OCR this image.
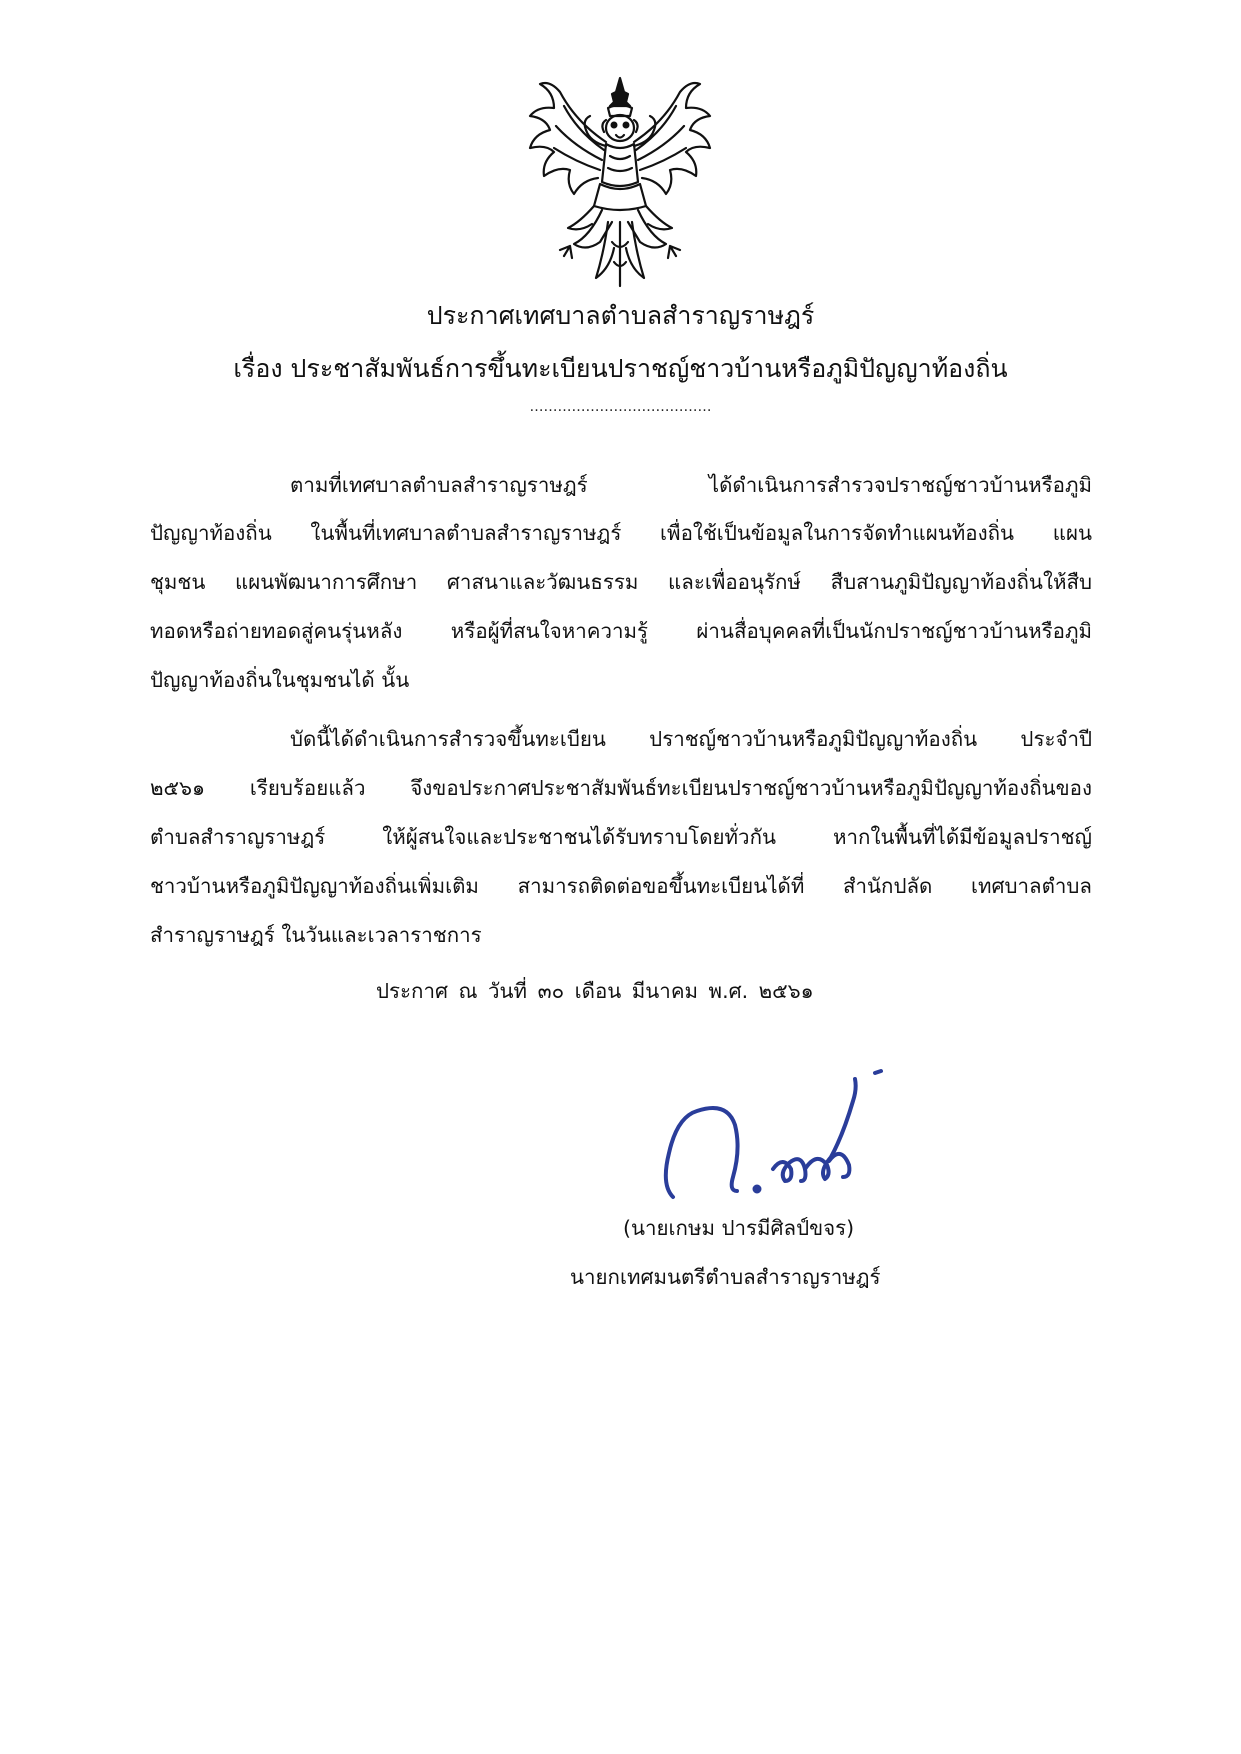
ประกาศเทศบาลตำบลสำราญราษฎร์
เรื่อง ประชาสัมพันธ์การขึ้นทะเบียนปราชญ์ชาวบ้านหรือภูมิปัญญาท้องถิ่น
…………………………………
ตามที่เทศบาลตำบลสำราญราษฎร์ ได้ดำเนินการสำรวจปราชญ์ชาวบ้านหรือภูมิ
ปัญญาท้องถิ่น ในพื้นที่เทศบาลตำบลสำราญราษฎร์ เพื่อใช้เป็นข้อมูลในการจัดทำแผนท้องถิ่น แผน
ชุมชน แผนพัฒนาการศึกษา ศาสนาและวัฒนธรรม และเพื่ออนุรักษ์ สืบสานภูมิปัญญาท้องถิ่นให้สืบ
ทอดหรือถ่ายทอดสู่คนรุ่นหลัง หรือผู้ที่สนใจหาความรู้ ผ่านสื่อบุคคลที่เป็นนักปราชญ์ชาวบ้านหรือภูมิ
ปัญญาท้องถิ่นในชุมชนได้ นั้น
บัดนี้ได้ดำเนินการสำรวจขึ้นทะเบียน ปราชญ์ชาวบ้านหรือภูมิปัญญาท้องถิ่น ประจำปี
๒๕๖๑ เรียบร้อยแล้ว จึงขอประกาศประชาสัมพันธ์ทะเบียนปราชญ์ชาวบ้านหรือภูมิปัญญาท้องถิ่นของ
ตำบลสำราญราษฎร์ ให้ผู้สนใจและประชาชนได้รับทราบโดยทั่วกัน หากในพื้นที่ได้มีข้อมูลปราชญ์
ชาวบ้านหรือภูมิปัญญาท้องถิ่นเพิ่มเติม สามารถติดต่อขอขึ้นทะเบียนได้ที่ สำนักปลัด เทศบาลตำบล
สำราญราษฎร์ ในวันและเวลาราชการ
ประกาศ ณ วันที่ ๓๐ เดือน มีนาคม พ.ศ. ๒๕๖๑
(นายเกษม ปารมีศิลป์ขจร)
นายกเทศมนตรีตำบลสำราญราษฎร์
